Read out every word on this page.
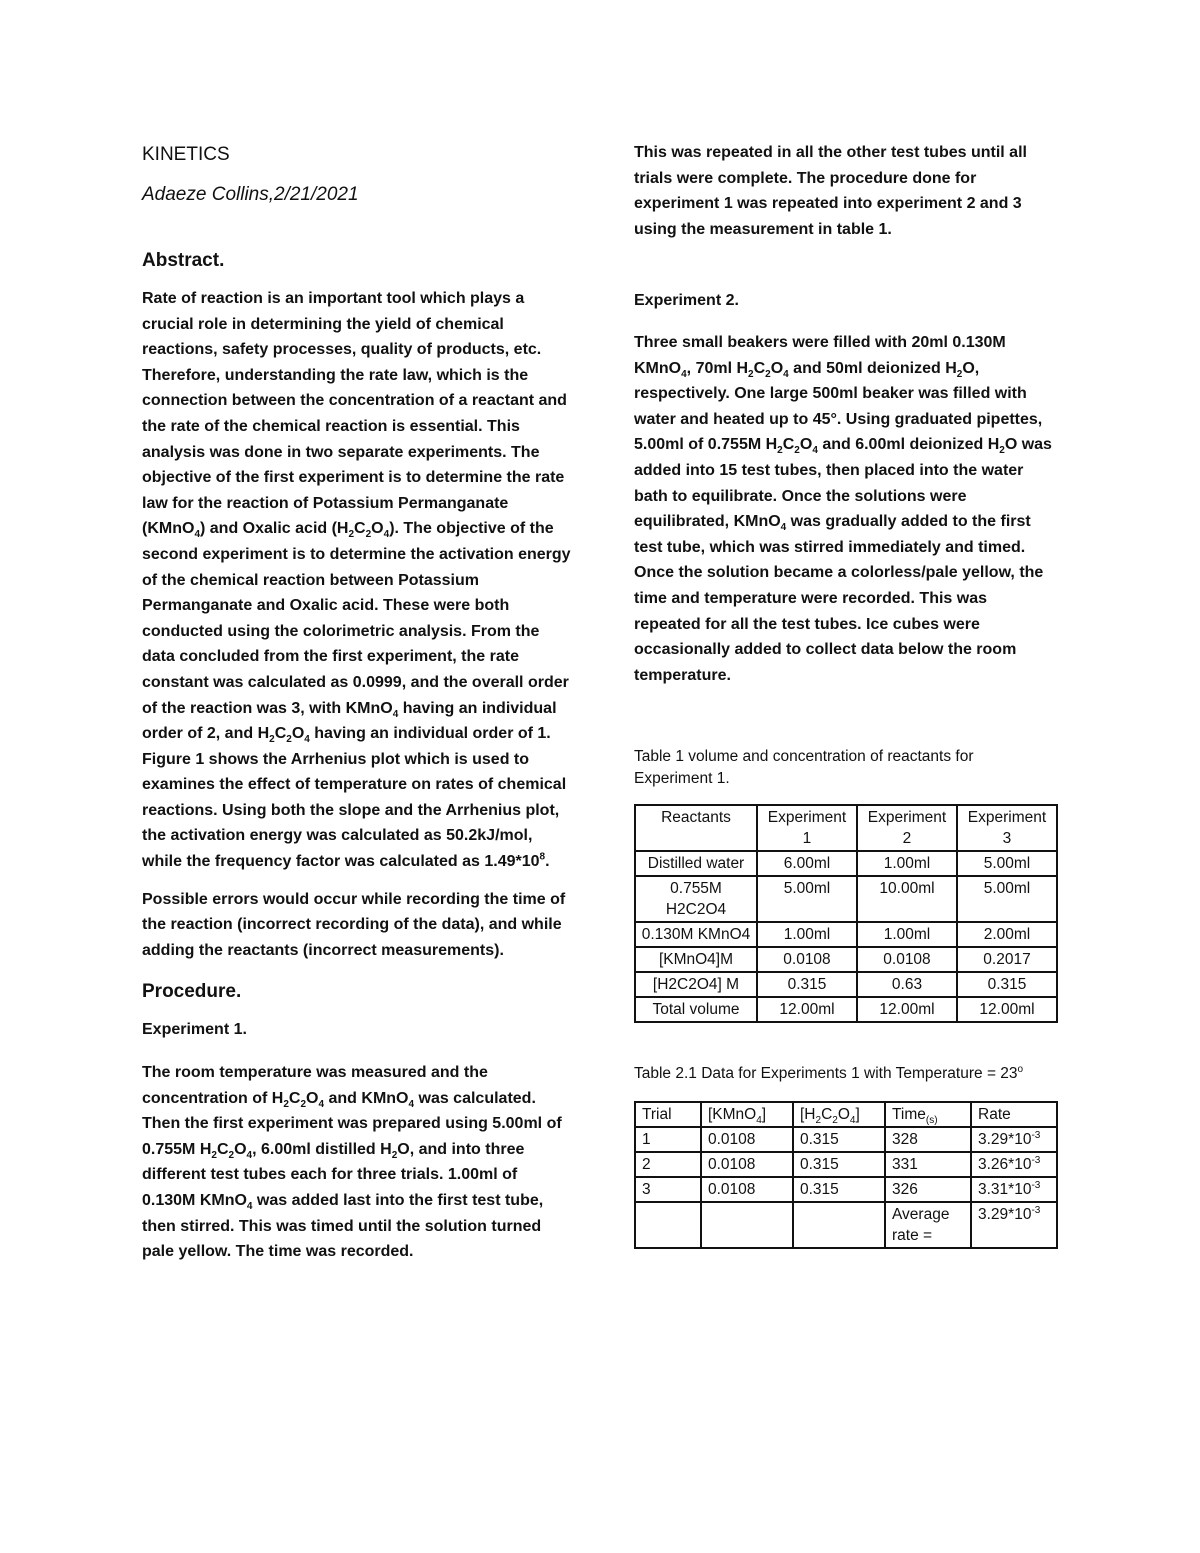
KINETICS

Adaeze Collins,2/21/2021

Abstract.

Rate of reaction is an important tool which plays a crucial role in determining the yield of chemical reactions, safety processes, quality of products, etc. Therefore, understanding the rate law, which is the connection between the concentration of a reactant and the rate of the chemical reaction is essential. This analysis was done in two separate experiments. The objective of the first experiment is to determine the rate law for the reaction of Potassium Permanganate (KMnO$_4$) and Oxalic acid $(H_2C_2O_4)$. The objective of the second experiment is to determine the activation energy of the chemical reaction between Potassium Permanganate and Oxalic acid. These were both conducted using the colorimetric analysis. From the data concluded from the first experiment, the rate constant was calculated as 0.0999, and the overall order of the reaction was 3, with KMnO$_4$ having an individual order of 2, and $H_2C_2O_4$ having an individual order of 1. Figure 1 shows the Arrhenius plot which is used to examines the effect of temperature on rates of chemical reactions. Using both the slope and the Arrhenius plot, the activation energy was calculated as 50.2kJ/mol, while the frequency factor was calculated as $1.49*10^8$.

Possible errors would occur while recording the time of the reaction (incorrect recording of the data), and while adding the reactants (incorrect measurements).

Procedure.

Experiment 1.

The room temperature was measured and the concentration of $H_2C_2O_4$ and KMnO$_4$ was calculated. Then the first experiment was prepared using 5.00ml of 0.755M $H_2C_2O_4$, 6.00ml distilled $H_2O$, and into three different test tubes each for three trials. 1.00ml of 0.130M KMnO$_4$ was added last into the first test tube, then stirred. This was timed until the solution turned pale yellow. The time was recorded.

This was repeated in all the other test tubes until all trials were complete. The procedure done for experiment 1 was repeated into experiment 2 and 3 using the measurement in table 1.

Experiment 2.

Three small beakers were filled with 20ml 0.130M KMnO$_4$, 70ml $H_2C_2O_4$ and 50ml deionized $H_2O$, respectively. One large 500ml beaker was filled with water and heated up to 45°. Using graduated pipettes, 5.00ml of 0.755M $H_2C_2O_4$ and 6.00ml deionized $H_2O$ was added into 15 test tubes, then placed into the water bath to equilibrate. Once the solutions were equilibrated, KMnO$_4$ was gradually added to the first test tube, which was stirred immediately and timed. Once the solution became a colorless/pale yellow, the time and temperature were recorded. This was repeated for all the test tubes. Ice cubes were occasionally added to collect data below the room temperature.

Table 1 volume and concentration of reactants for Experiment 1.

Reactants	Experiment 1	Experiment 2	Experiment 3
Distilled water	6.00ml	1.00ml	5.00ml
0.755M H2C2O4	5.00ml	10.00ml	5.00ml
0.130M KMnO4	1.00ml	1.00ml	2.00ml
[KMnO4]M	0.0108	0.0108	0.2017
[H2C2O4] M	0.315	0.63	0.315
Total volume	12.00ml	12.00ml	12.00ml

Table 2.1 Data for Experiments 1 with Temperature = $23^o$

Trial	[KMnO$_4$]	$[H_2C_2O_4]$	Time$_{(s)}$	Rate
1	0.0108	0.315	328	$3.29*10^{-3}$
2	0.0108	0.315	331	$3.26*10^{-3}$
3	0.0108	0.315	326	$3.31*10^{-3}$
			Average rate =	$3.29*10^{-3}$
